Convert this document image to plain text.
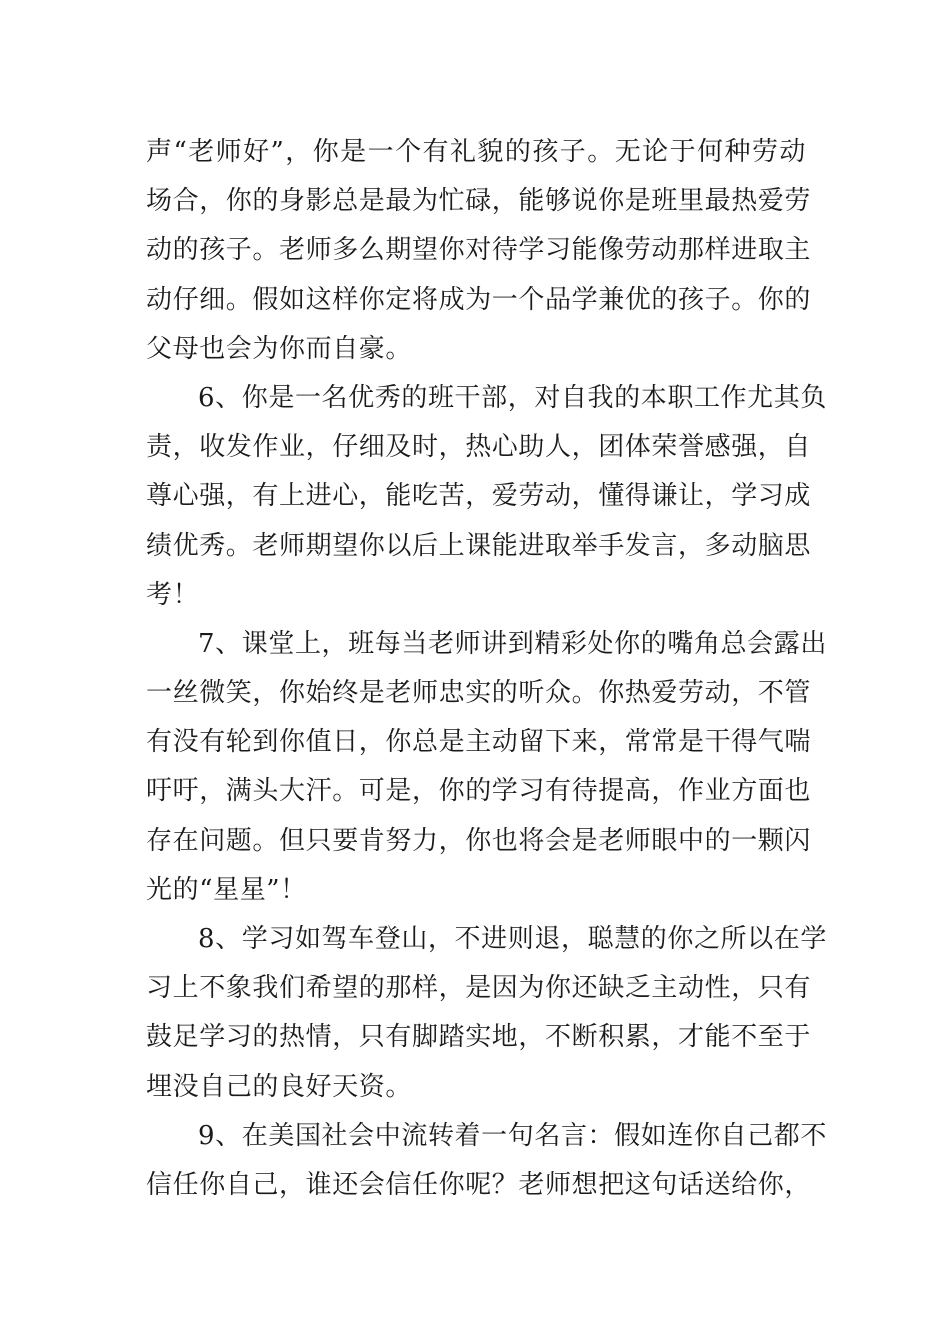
声“老师好”，你是一个有礼貌的孩子。无论于何种劳动
场合，你的身影总是最为忙碌，能够说你是班里最热爱劳
动的孩子。老师多么期望你对待学习能像劳动那样进取主
动仔细。假如这样你定将成为一个品学兼优的孩子。你的
父母也会为你而自豪。
6、你是一名优秀的班干部，对自我的本职工作尤其负
责，收发作业，仔细及时，热心助人，团体荣誉感强，自
尊心强，有上进心，能吃苦，爱劳动，懂得谦让，学习成
绩优秀。老师期望你以后上课能进取举手发言，多动脑思
考！
7、课堂上，班每当老师讲到精彩处你的嘴角总会露出
一丝微笑，你始终是老师忠实的听众。你热爱劳动，不管
有没有轮到你值日，你总是主动留下来，常常是干得气喘
吁吁，满头大汗。可是，你的学习有待提高，作业方面也
存在问题。但只要肯努力，你也将会是老师眼中的一颗闪
光的“星星”！
8、学习如驾车登山，不进则退，聪慧的你之所以在学
习上不象我们希望的那样，是因为你还缺乏主动性，只有
鼓足学习的热情，只有脚踏实地，不断积累，才能不至于
埋没自己的良好天资。
9、在美国社会中流转着一句名言：假如连你自己都不
信任你自己，谁还会信任你呢？老师想把这句话送给你，
